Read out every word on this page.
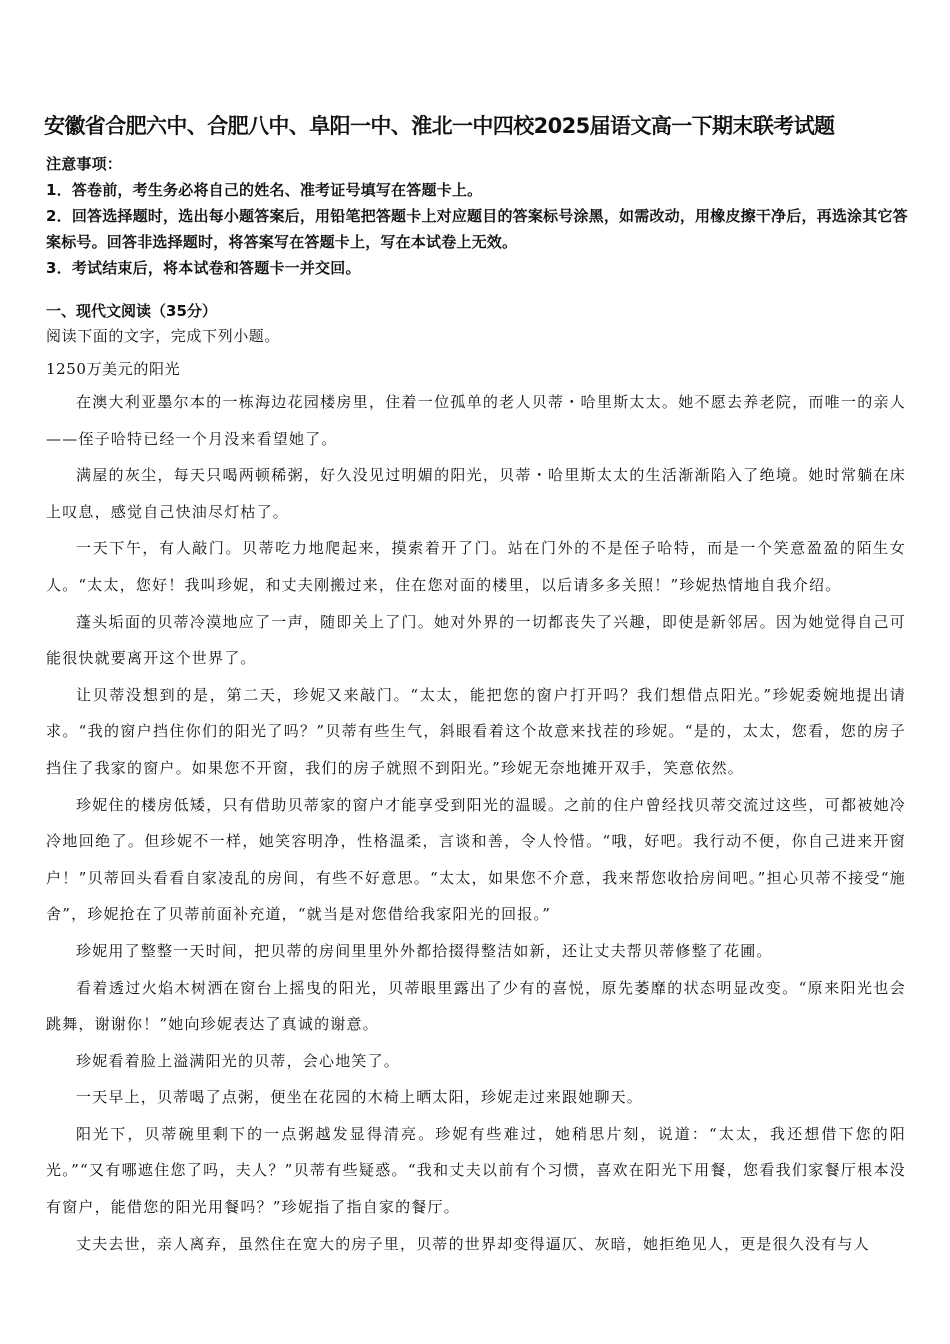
安徽省合肥六中、合肥八中、阜阳一中、淮北一中四校2025届语文高一下期末联考试题
注意事项：
1．答卷前，考生务必将自己的姓名、准考证号填写在答题卡上。
2．回答选择题时，选出每小题答案后，用铅笔把答题卡上对应题目的答案标号涂黑，如需改动，用橡皮擦干净后，再选涂其它答案标号。回答非选择题时，将答案写在答题卡上，写在本试卷上无效。
3．考试结束后，将本试卷和答题卡一并交回。
一、现代文阅读（35分）
阅读下面的文字，完成下列小题。
1250万美元的阳光

在澳大利亚墨尔本的一栋海边花园楼房里，住着一位孤单的老人贝蒂・哈里斯太太。她不愿去养老院，而唯一的亲人——侄子哈特已经一个月没来看望她了。

满屋的灰尘，每天只喝两顿稀粥，好久没见过明媚的阳光，贝蒂・哈里斯太太的生活渐渐陷入了绝境。她时常躺在床上叹息，感觉自己快油尽灯枯了。

一天下午，有人敲门。贝蒂吃力地爬起来，摸索着开了门。站在门外的不是侄子哈特，而是一个笑意盈盈的陌生女人。“太太，您好！我叫珍妮，和丈夫刚搬过来，住在您对面的楼里，以后请多多关照！”珍妮热情地自我介绍。

蓬头垢面的贝蒂冷漠地应了一声，随即关上了门。她对外界的一切都丧失了兴趣，即使是新邻居。因为她觉得自己可能很快就要离开这个世界了。

让贝蒂没想到的是，第二天，珍妮又来敲门。“太太，能把您的窗户打开吗？我们想借点阳光。”珍妮委婉地提出请求。“我的窗户挡住你们的阳光了吗？”贝蒂有些生气，斜眼看着这个故意来找茬的珍妮。“是的，太太，您看，您的房子挡住了我家的窗户。如果您不开窗，我们的房子就照不到阳光。”珍妮无奈地摊开双手，笑意依然。

珍妮住的楼房低矮，只有借助贝蒂家的窗户才能享受到阳光的温暖。之前的住户曾经找贝蒂交流过这些，可都被她冷冷地回绝了。但珍妮不一样，她笑容明净，性格温柔，言谈和善，令人怜惜。“哦，好吧。我行动不便，你自己进来开窗户！”贝蒂回头看看自家凌乱的房间，有些不好意思。“太太，如果您不介意，我来帮您收拾房间吧。”担心贝蒂不接受“施舍”，珍妮抢在了贝蒂前面补充道，“就当是对您借给我家阳光的回报。”

珍妮用了整整一天时间，把贝蒂的房间里里外外都拾掇得整洁如新，还让丈夫帮贝蒂修整了花圃。

看着透过火焰木树洒在窗台上摇曳的阳光，贝蒂眼里露出了少有的喜悦，原先萎靡的状态明显改变。“原来阳光也会跳舞，谢谢你！”她向珍妮表达了真诚的谢意。

珍妮看着脸上溢满阳光的贝蒂，会心地笑了。

一天早上，贝蒂喝了点粥，便坐在花园的木椅上晒太阳，珍妮走过来跟她聊天。

阳光下，贝蒂碗里剩下的一点粥越发显得清亮。珍妮有些难过，她稍思片刻，说道：“太太，我还想借下您的阳光。”“又有哪遮住您了吗，夫人？”贝蒂有些疑惑。“我和丈夫以前有个习惯，喜欢在阳光下用餐，您看我们家餐厅根本没有窗户，能借您的阳光用餐吗？”珍妮指了指自家的餐厅。

丈夫去世，亲人离弃，虽然住在宽大的房子里，贝蒂的世界却变得逼仄、灰暗，她拒绝见人，更是很久没有与人
